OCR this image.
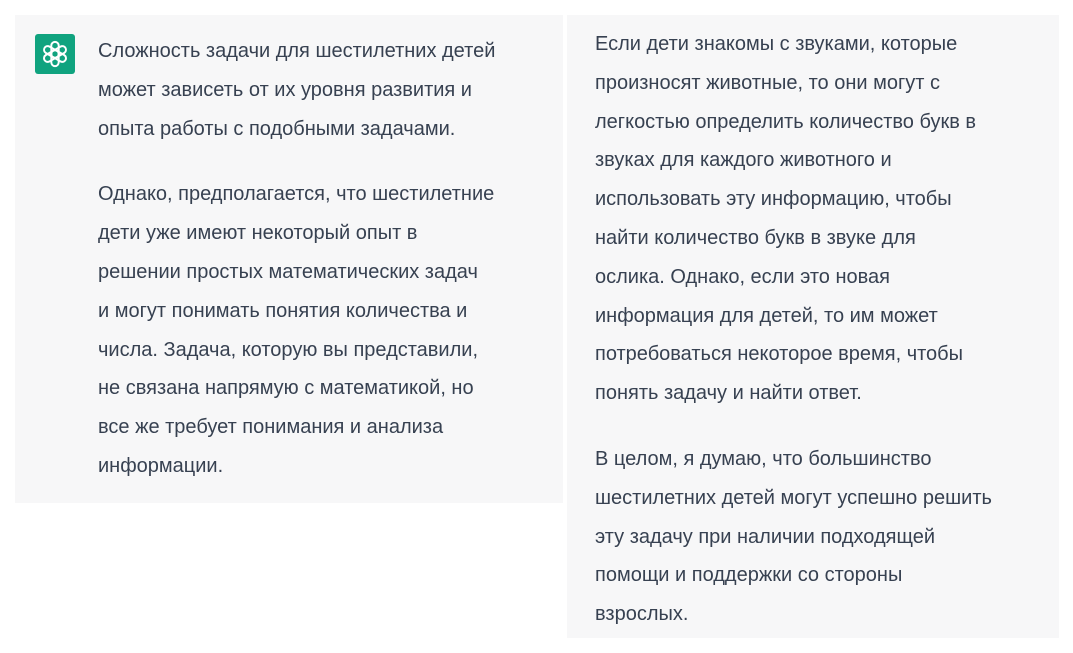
Сложность задачи для шестилетних детей
может зависеть от их уровня развития и
опыта работы с подобными задачами.

Однако, предполагается, что шестилетние
дети уже имеют некоторый опыт в
решении простых математических задач
и могут понимать понятия количества и
числа. Задача, которую вы представили,
не связана напрямую с математикой, но
все же требует понимания и анализа
информации.

Если дети знакомы с звуками, которые
произносят животные, то они могут с
легкостью определить количество букв в
звуках для каждого животного и
использовать эту информацию, чтобы
найти количество букв в звуке для
ослика. Однако, если это новая
информация для детей, то им может
потребоваться некоторое время, чтобы
понять задачу и найти ответ.

В целом, я думаю, что большинство
шестилетних детей могут успешно решить
эту задачу при наличии подходящей
помощи и поддержки со стороны
взрослых.
